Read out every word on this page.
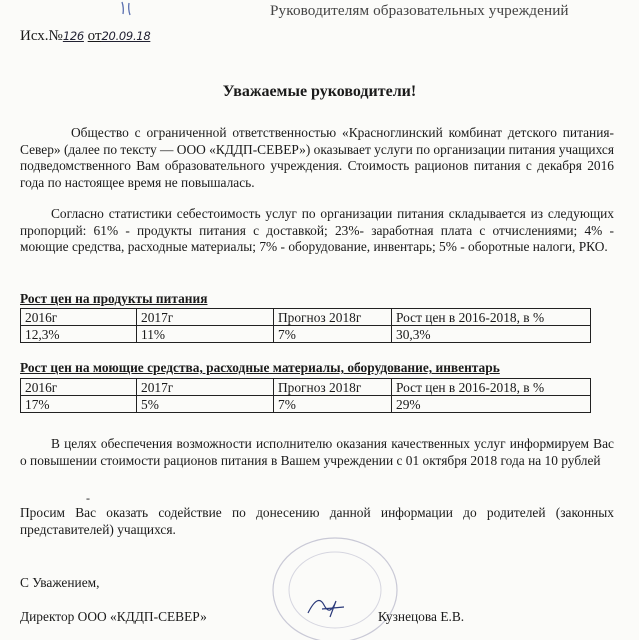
Руководителям образовательных учреждений
Исх.№126 от20.09.18
Уважаемые руководители!
Общество с ограниченной ответственностью «Красноглинский комбинат детского питания-Север» (далее по тексту — ООО «КДДП-СЕВЕР») оказывает услуги по организации питания учащихся подведомственного Вам образовательного учреждения. Стоимость рационов питания с декабря 2016 года по настоящее время не повышалась.
Согласно статистики себестоимость услуг по организации питания складывается из следующих пропорций: 61% - продукты питания с доставкой; 23%- заработная плата с отчислениями; 4% - моющие средства, расходные материалы; 7% - оборудование, инвентарь; 5% - оборотные налоги, РКО.
Рост цен на продукты питания
2016г	2017г	Прогноз 2018г	Рост цен в 2016-2018, в %
12,3%	11%	7%	30,3%
Рост цен на моющие средства, расходные материалы, оборудование, инвентарь
2016г	2017г	Прогноз 2018г	Рост цен в 2016-2018, в %
17%	5%	7%	29%
В целях обеспечения возможности исполнителю оказания качественных услуг информируем Вас о повышении стоимости рационов питания в Вашем учреждении с 01 октября 2018 года на 10 рублей
-
Просим Вас оказать содействие по донесению данной информации до родителей (законных представителей) учащихся.
С Уважением,
Директор ООО «КДДП-СЕВЕР»	Кузнецова Е.В.
